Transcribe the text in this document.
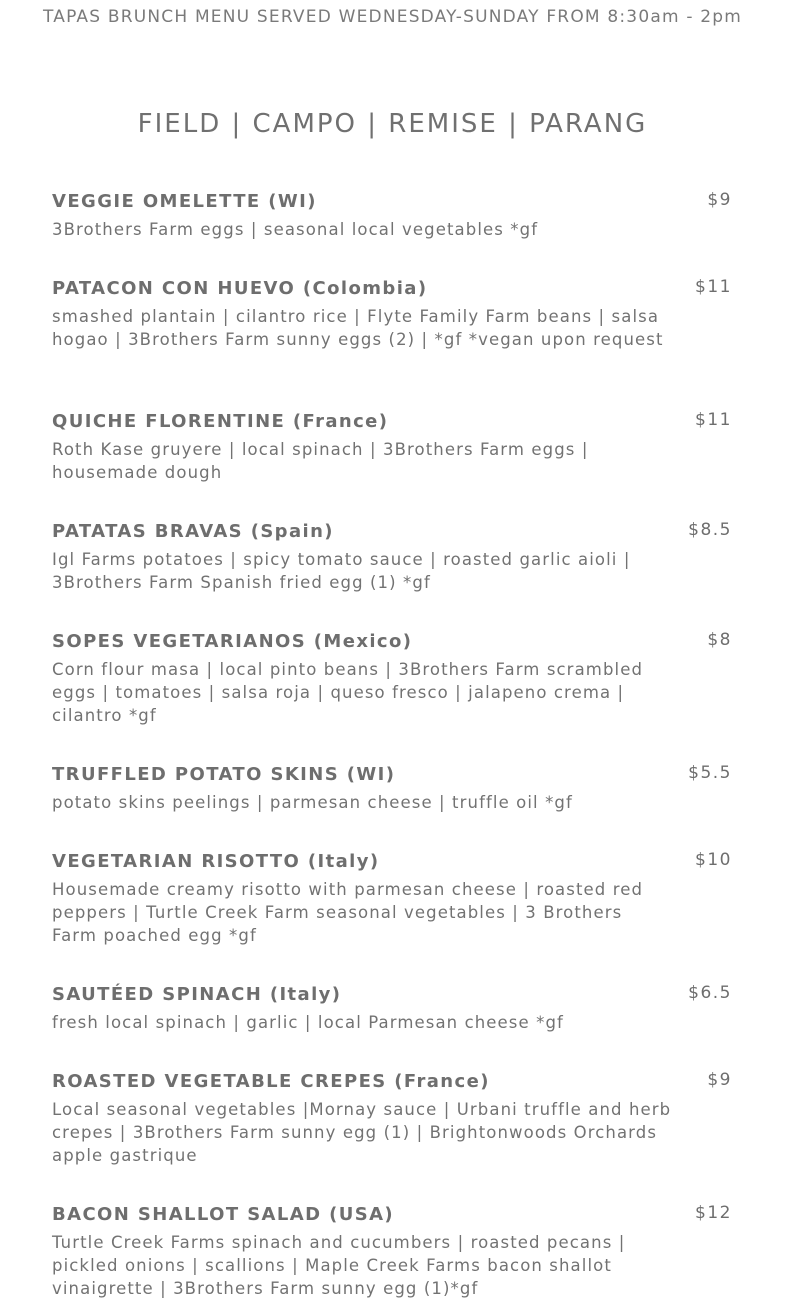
TAPAS BRUNCH MENU SERVED WEDNESDAY-SUNDAY FROM 8:30am - 2pm
FIELD | CAMPO | REMISE | PARANG
VEGGIE OMELETTE (WI)	$9
3Brothers Farm eggs | seasonal local vegetables *gf
PATACON CON HUEVO (Colombia)	$11
smashed plantain | cilantro rice | Flyte Family Farm beans | salsa hogao | 3Brothers Farm sunny eggs (2) | *gf *vegan upon request
QUICHE FLORENTINE (France)	$11
Roth Kase gruyere | local spinach | 3Brothers Farm eggs | housemade dough
PATATAS BRAVAS (Spain)	$8.5
Igl Farms potatoes | spicy tomato sauce | roasted garlic aioli | 3Brothers Farm Spanish fried egg (1) *gf
SOPES VEGETARIANOS (Mexico)	$8
Corn flour masa | local pinto beans | 3Brothers Farm scrambled eggs | tomatoes | salsa roja | queso fresco | jalapeno crema | cilantro *gf
TRUFFLED POTATO SKINS (WI)	$5.5
potato skins peelings | parmesan cheese | truffle oil *gf
VEGETARIAN RISOTTO (Italy)	$10
Housemade creamy risotto with parmesan cheese | roasted red peppers | Turtle Creek Farm seasonal vegetables | 3 Brothers Farm poached egg *gf
SAUTÉED SPINACH (Italy)	$6.5
fresh local spinach | garlic | local Parmesan cheese *gf
ROASTED VEGETABLE CREPES (France)	$9
Local seasonal vegetables |Mornay sauce | Urbani truffle and herb crepes | 3Brothers Farm sunny egg (1) | Brightonwoods Orchards apple gastrique
BACON SHALLOT SALAD (USA)	$12
Turtle Creek Farms spinach and cucumbers | roasted pecans | pickled onions | scallions | Maple Creek Farms bacon shallot vinaigrette | 3Brothers Farm sunny egg (1)*gf
